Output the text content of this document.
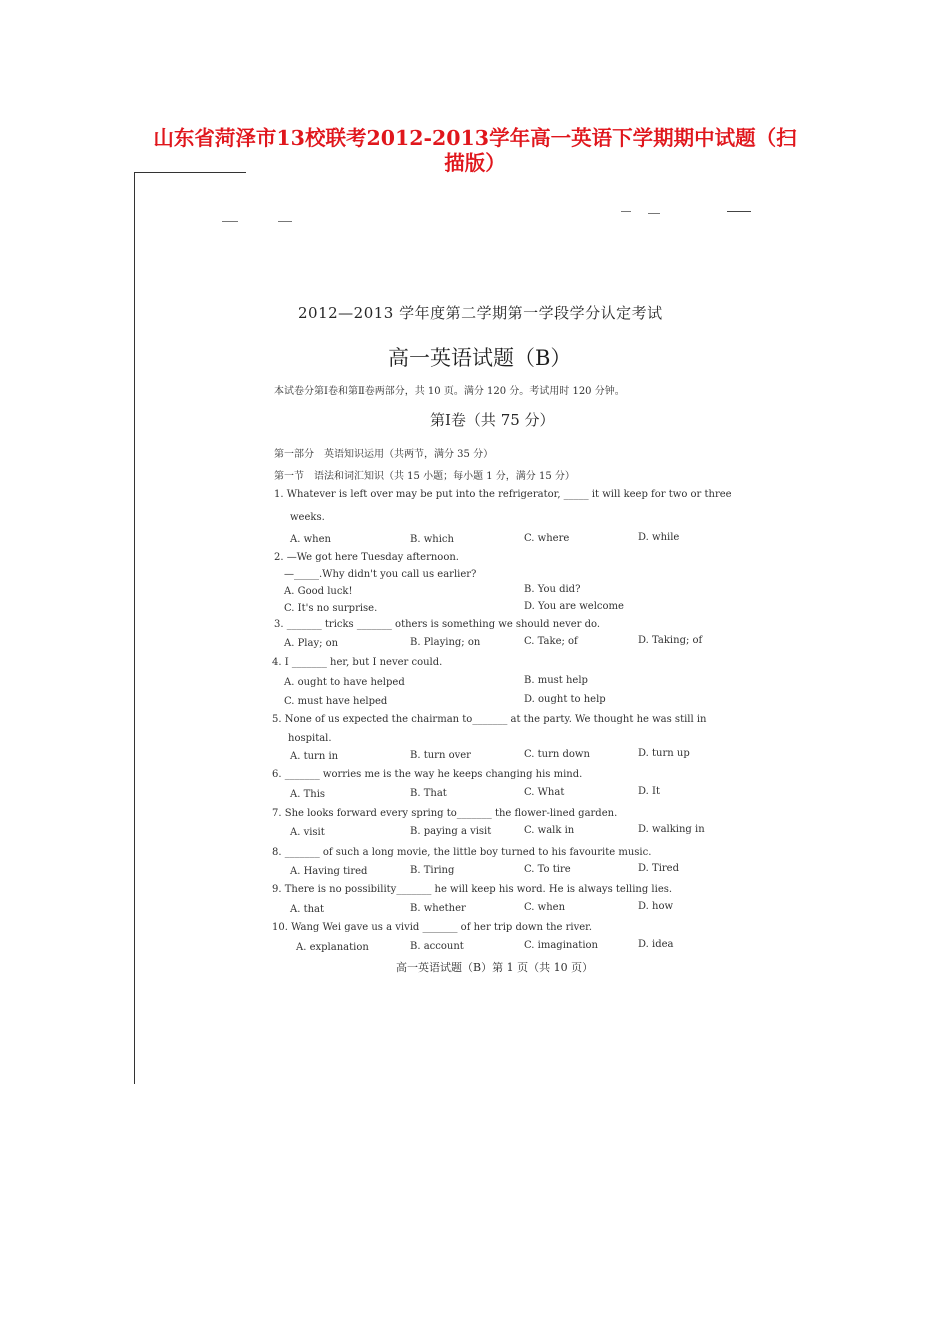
山东省菏泽市13校联考2012-2013学年高一英语下学期期中试题（扫
描版）
2012—2013 学年度第二学期第一学段学分认定考试
高一英语试题（B）
本试卷分第Ⅰ卷和第Ⅱ卷两部分，共 10 页。满分 120 分。考试用时 120 分钟。
第Ⅰ卷（共 75 分）
第一部分　英语知识运用（共两节，满分 35 分）
第一节　语法和词汇知识（共 15 小题；每小题 1 分，满分 15 分）
1. Whatever is left over may be put into the refrigerator, _____ it will keep for two or three
weeks.
A. when	B. which	C. where	D. while
2. —We got here Tuesday afternoon.
—_____.Why didn't you call us earlier?
A. Good luck!	B. You did?
C. It's no surprise.	D. You are welcome
3. _______ tricks _______ others is something we should never do.
A. Play; on	B. Playing; on	C. Take; of	D. Taking; of
4. I _______ her, but I never could.
A. ought to have helped	B. must help
C. must have helped	D. ought to help
5. None of us expected the chairman to_______ at the party. We thought he was still in
hospital.
A. turn in	B. turn over	C. turn down	D. turn up
6. _______ worries me is the way he keeps changing his mind.
A. This	B. That	C. What	D. It
7. She looks forward every spring to_______ the flower-lined garden.
A. visit	B. paying a visit	C. walk in	D. walking in
8. _______ of such a long movie, the little boy turned to his favourite music.
A. Having tired	B. Tiring	C. To tire	D. Tired
9. There is no possibility_______ he will keep his word. He is always telling lies.
A. that	B. whether	C. when	D. how
10. Wang Wei gave us a vivid _______ of her trip down the river.
A. explanation	B. account	C. imagination	D. idea
高一英语试题（B）第 1 页（共 10 页）
